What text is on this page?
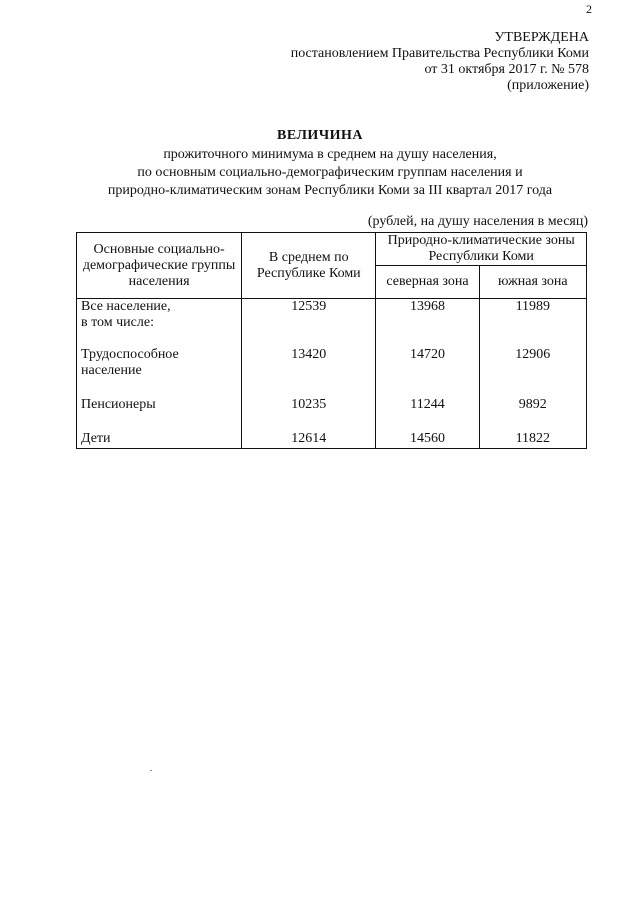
2
УТВЕРЖДЕНА
постановлением Правительства Республики Коми
от 31 октября 2017 г. № 578
(приложение)
ВЕЛИЧИНА
прожиточного минимума в среднем на душу населения,
по основным социально-демографическим группам населения и
природно-климатическим зонам Республики Коми за III квартал 2017 года
(рублей, на душу населения в месяц)
Основные социально-демографические группы населения	В среднем по Республике Коми	Природно-климатические зоны Республики Коми	
		северная зона	южная зона

Все население,
в том числе:	12539	13968	11989
Трудоспособное население	13420	14720	12906
Пенсионеры	10235	11244	9892
Дети	12614	14560	11822
